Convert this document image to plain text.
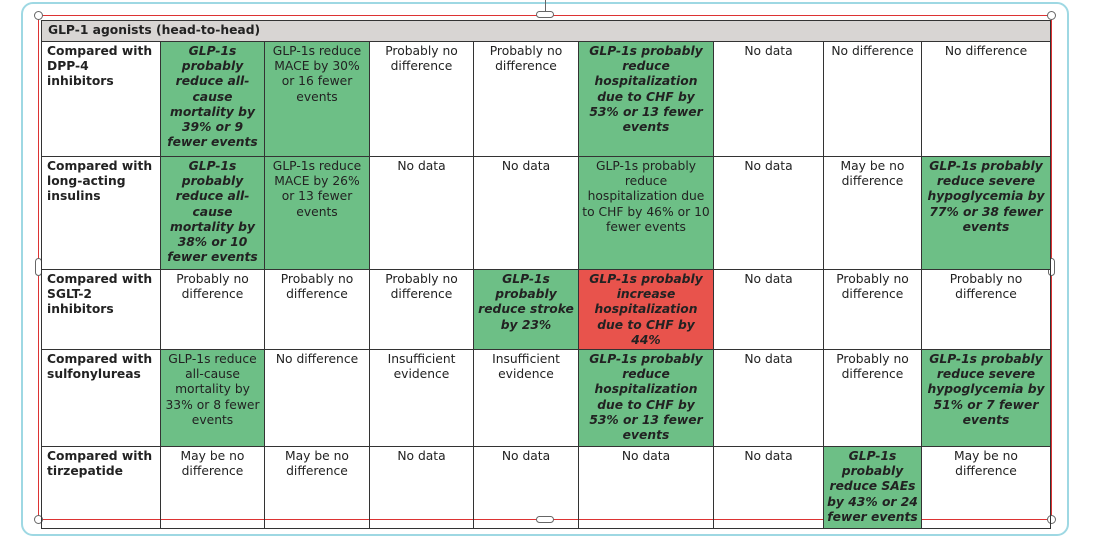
GLP-1 agonists (head-to-head)								
Compared with DPP-4 inhibitors	GLP-1s probably reduce all-cause mortality by 39% or 9 fewer events	GLP-1s reduce MACE by 30% or 16 fewer events	Probably no difference	Probably no difference	GLP-1s probably reduce hospitalization due to CHF by 53% or 13 fewer events	No data	No difference	No difference
Compared with long-acting insulins	GLP-1s probably reduce all-cause mortality by 38% or 10 fewer events	GLP-1s reduce MACE by 26% or 13 fewer events	No data	No data	GLP-1s probably reduce hospitalization due to CHF by 46% or 10 fewer events	No data	May be no difference	GLP-1s probably reduce severe hypoglycemia by 77% or 38 fewer events
Compared with SGLT-2 inhibitors	Probably no difference	Probably no difference	Probably no difference	GLP-1s probably reduce stroke by 23%	GLP-1s probably increase hospitalization due to CHF by 44%	No data	Probably no difference	Probably no difference
Compared with sulfonylureas	GLP-1s reduce all-cause mortality by 33% or 8 fewer events	No difference	Insufficient evidence	Insufficient evidence	GLP-1s probably reduce hospitalization due to CHF by 53% or 13 fewer events	No data	Probably no difference	GLP-1s probably reduce severe hypoglycemia by 51% or 7 fewer events
Compared with tirzepatide	May be no difference	May be no difference	No data	No data	No data	No data	GLP-1s probably reduce SAEs by 43% or 24 fewer events	May be no difference
